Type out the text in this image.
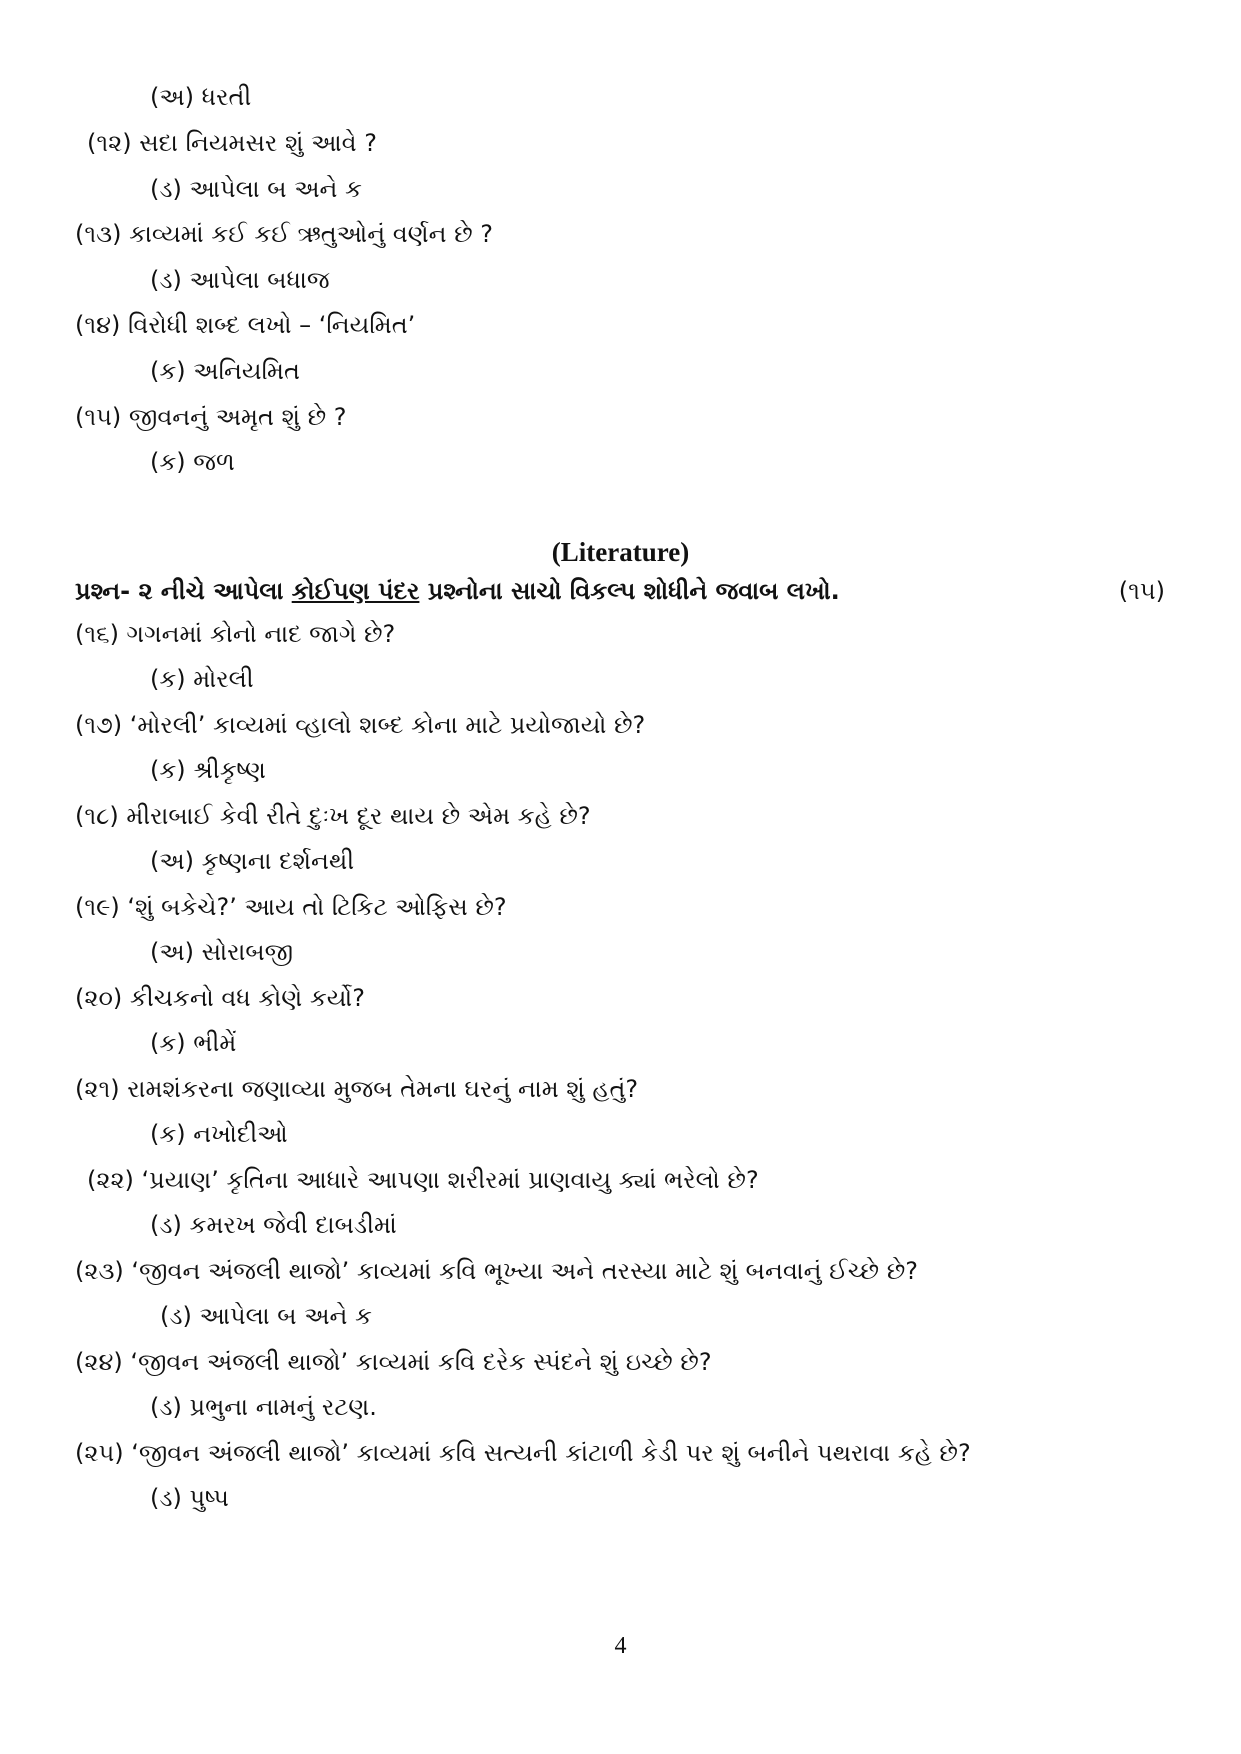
(અ) ધરતી
(૧૨) સદા નિયમસર શું આવે ?
(ડ) આપેલા બ અને ક
(૧૩) કાવ્યમાં કઈ કઈ ઋતુઓનું વર્ણન છે ?
(ડ) આપેલા બધાજ
(૧૪) વિરોધી શબ્દ લખો – ‘નિયમિત’
(ક) અનિયમિત
(૧૫) જીવનનું અમૃત શું છે ?
(ક) જળ
(Literature)
પ્રશ્ન- ૨ નીચે આપેલા કોઈપણ પંદર પ્રશ્નોના સાચો વિકલ્પ શોધીને જવાબ લખો.	(૧૫)
(૧૬) ગગનમાં કોનો નાદ જાગે છે?
(ક) મોરલી
(૧૭) ‘મોરલી’ કાવ્યમાં વ્હાલો શબ્દ કોના માટે પ્રયોજાયો છે?
(ક) શ્રીકૃષ્ણ
(૧૮) મીરાબાઈ કેવી રીતે દુઃખ દૂર થાય છે એમ કહે છે?
(અ) કૃષ્ણના દર્શનથી
(૧૯) ‘શું બકેચે?’ આય તો ટિકિટ ઓફિસ છે?
(અ) સોરાબજી
(૨૦) કીચકનો વધ કોણે કર્યો?
(ક) ભીમેં
(૨૧) રામશંકરના જણાવ્યા મુજબ તેમના ઘરનું નામ શું હતું?
(ક) નખોદીઓ
(૨૨) ‘પ્રયાણ’ કૃતિના આધારે આપણા શરીરમાં પ્રાણવાયુ ક્યાં ભરેલો છે?
(ડ) કમરખ જેવી દાબડીમાં
(૨૩) ‘જીવન અંજલી થાજો’ કાવ્યમાં કવિ ભૂખ્યા અને તરસ્યા માટે શું બનવાનું ઈચ્છે છે?
(ડ) આપેલા બ અને ક
(૨૪) ‘જીવન અંજલી થાજો’ કાવ્યમાં કવિ દરેક સ્પંદને શું ઇચ્છે છે?
(ડ) પ્રભુના નામનું રટણ.
(૨૫) ‘જીવન અંજલી થાજો’ કાવ્યમાં કવિ સત્યની કાંટાળી કેડી પર શું બનીને પથરાવા કહે છે?
(ડ) પુષ્પ
4
